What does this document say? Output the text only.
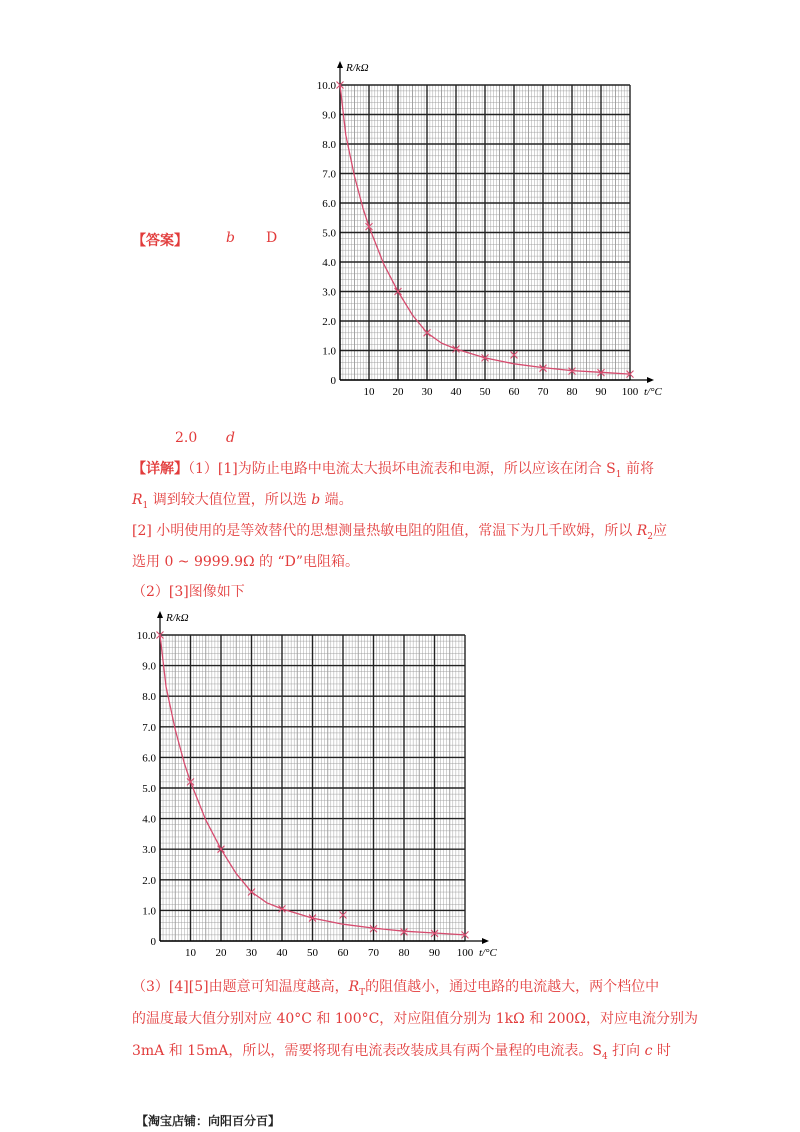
【答案】	b D
0
1.0
2.0
3.0
4.0
5.0
6.0
7.0
8.0
9.0
10.0
10 20 30 40 50 60 70 80 90 100
R/kΩ
t/°C
2.0 d
【详解】（1）[1]为防止电路中电流太大损坏电流表和电源，所以应该在闭合 $S_1$ 前将
$R_1$ 调到较大值位置，所以选 b 端。
[2] 小明使用的是等效替代的思想测量热敏电阻的阻值，常温下为几千欧姆，所以 $R_2$应
选用 0 ~ 9999.9Ω 的 “D”电阻箱。
（2）[3]图像如下
0
1.0
2.0
3.0
4.0
5.0
6.0
7.0
8.0
9.0
10.0
10 20 30 40 50 60 70 80 90 100
R/kΩ
t/°C
（3）[4][5]由题意可知温度越高，$R_T$的阻值越小，通过电路的电流越大，两个档位中
的温度最大值分别对应 40°C 和 100°C，对应阻值分别为 1kΩ 和 200Ω，对应电流分别为
3mA 和 15mA，所以，需要将现有电流表改装成具有两个量程的电流表。$S_4$ 打向 c 时
【淘宝店铺：向阳百分百】
